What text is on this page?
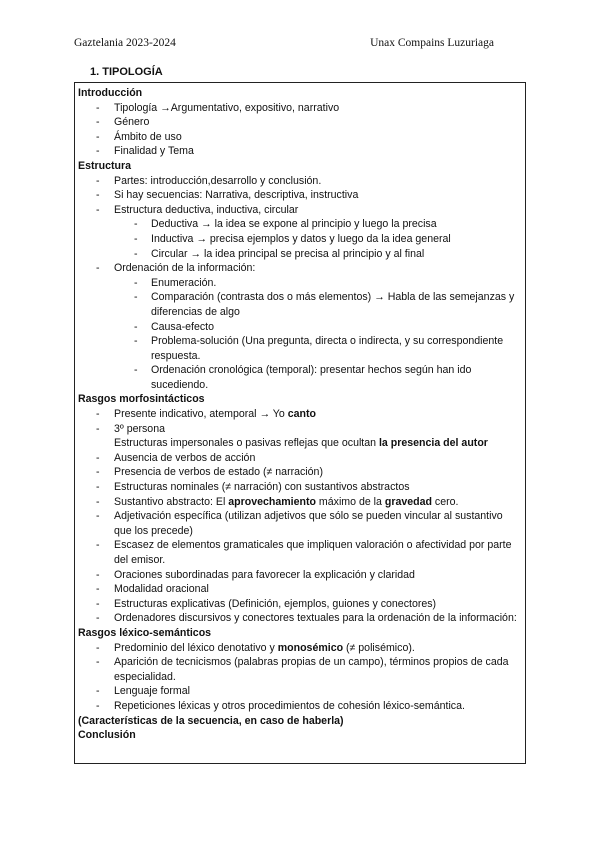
Gaztelania 2023-2024	Unax Compains Luzuriaga
1. TIPOLOGÍA
Introducción
- Tipología →Argumentativo, expositivo, narrativo
- Género
- Ámbito de uso
- Finalidad y Tema
Estructura
- Partes: introducción,desarrollo y conclusión.
- Si hay secuencias: Narrativa, descriptiva, instructiva
- Estructura deductiva, inductiva, circular
- Deductiva → la idea se expone al principio y luego la precisa
- Inductiva → precisa ejemplos y datos y luego da la idea general
- Circular → la idea principal se precisa al principio y al final
- Ordenación de la información:
- Enumeración.
- Comparación (contrasta dos o más elementos) → Habla de las semejanzas y diferencias de algo
- Causa-efecto
- Problema-solución (Una pregunta, directa o indirecta, y su correspondiente respuesta.
- Ordenación cronológica (temporal): presentar hechos según han ido sucediendo.
Rasgos morfosintácticos
- Presente indicativo, atemporal → Yo canto
- 3º persona
Estructuras impersonales o pasivas reflejas que ocultan la presencia del autor
- Ausencia de verbos de acción
- Presencia de verbos de estado (≠ narración)
- Estructuras nominales (≠ narración) con sustantivos abstractos
- Sustantivo abstracto: El aprovechamiento máximo de la gravedad cero.
- Adjetivación específica (utilizan adjetivos que sólo se pueden vincular al sustantivo que los precede)
- Escasez de elementos gramaticales que impliquen valoración o afectividad por parte del emisor.
- Oraciones subordinadas para favorecer la explicación y claridad
- Modalidad oracional
- Estructuras explicativas (Definición, ejemplos, guiones y conectores)
- Ordenadores discursivos y conectores textuales para la ordenación de la información:
Rasgos léxico-semánticos
- Predominio del léxico denotativo y monosémico (≠ polisémico).
- Aparición de tecnicismos (palabras propias de un campo), términos propios de cada especialidad.
- Lenguaje formal
- Repeticiones léxicas y otros procedimientos de cohesión léxico-semántica.
(Características de la secuencia, en caso de haberla)
Conclusión
